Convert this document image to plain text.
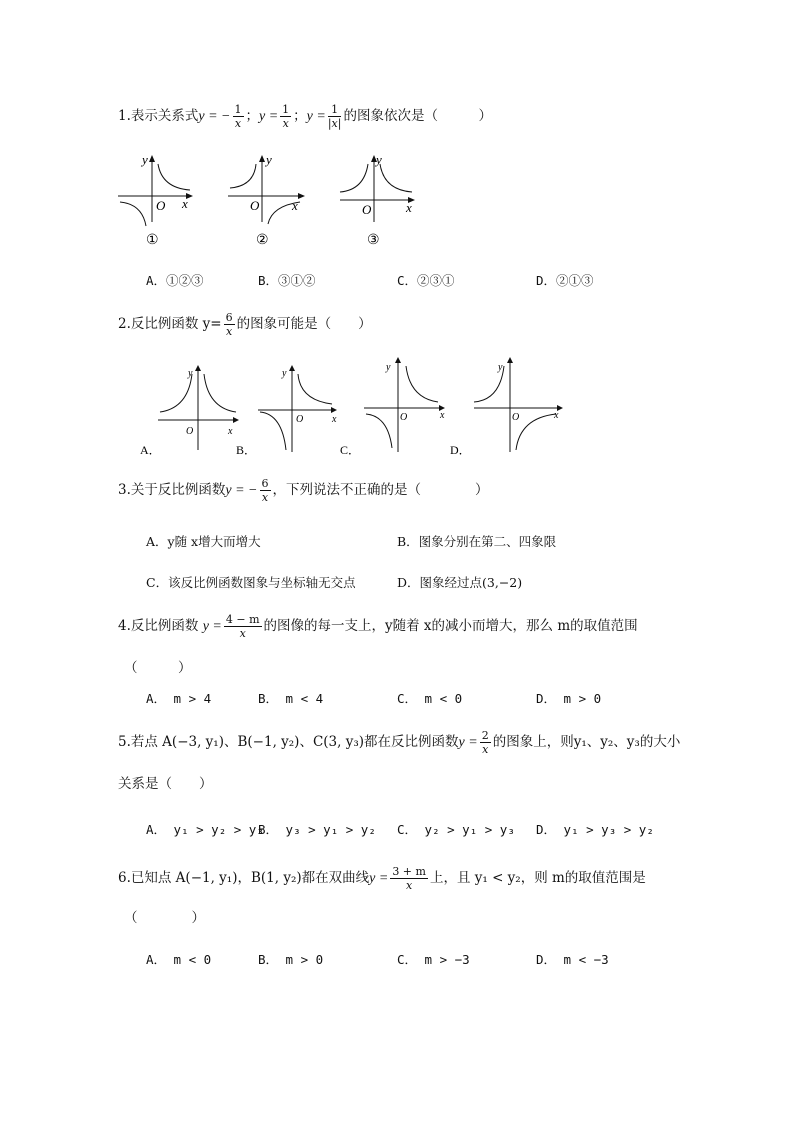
1.表示关系式y = − $\frac{1}{x}$ ；$y = \frac{1}{x}$ ；$y = \frac{1}{|x|}$ 的图象依次是（　　　）
y
O x
①
y
O	x
②
y
O	x
③
A．①②③	B．③①②	C．②③①	D．②①③
2.反比例函数 $y= \frac{6}{x}$ 的图象可能是（　　）
y
O	x
A．
y
O	x
B．
y
O	x
C．
y
O	x
D．
3.关于反比例函数y = − $\frac{6}{x}$ ，下列说法不正确的是（　　　　）
A．y随 x增大而增大	B．图象分别在第二、四象限
C．该反比例函数图象与坐标轴无交点	D．图象经过点(3,−2)
4.反比例函数 $y = \frac{4 - m}{x}$ 的图像的每一支上，y随着 x的减小而增大，那么 m的取值范围
（　　　）
A． m > 4	B． m < 4	C． m < 0	D． m > 0
5.若点 A(−3, y₁)、B(−1, y₂)、C(3, y₃)都在反比例函数$y = \frac{2}{x}$ 的图象上，则y₁、y₂、y₃的大小
关系是（　　）
A． y₁ > y₂ > y₃
B． y₃ > y₁ > y₂ C． y₂ > y₁ > y₃ D． y₁ > y₃ > y₂
6.已知点 A(−1, y₁)，B(1, y₂)都在双曲线$y = \frac{3 + m}{x}$ 上，且 y₁ < y₂，则 m的取值范围是
（　　　　）
A． m < 0	B． m > 0	C． m > −3	D． m < −3
